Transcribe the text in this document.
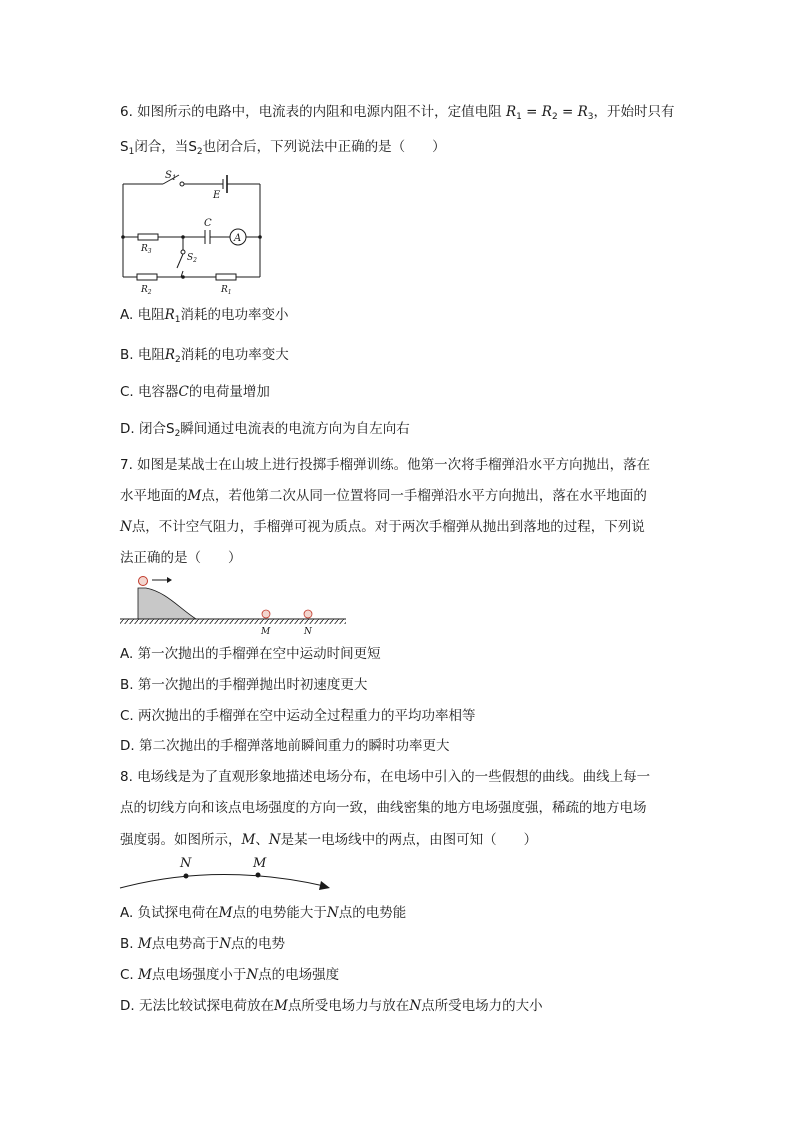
6. 如图所示的电路中，电流表的内阻和电源内阻不计，定值电阻 $R_1 = R_2 = R_3$，开始时只有
$S_1$闭合，当$S_2$也闭合后，下列说法中正确的是（　　）
$S_1$
E
C
A
$R_3$
$S_2$
$R_2$	$R_1$
A. 电阻$R_1$消耗的电功率变小
B. 电阻$R_2$消耗的电功率变大
C. 电容器C的电荷量增加
D. 闭合$S_2$瞬间通过电流表的电流方向为自左向右
7. 如图是某战士在山坡上进行投掷手榴弹训练。他第一次将手榴弹沿水平方向抛出，落在
水平地面的M点，若他第二次从同一位置将同一手榴弹沿水平方向抛出，落在水平地面的
N点，不计空气阻力，手榴弹可视为质点。对于两次手榴弹从抛出到落地的过程，下列说
法正确的是（　　）
M	N
A. 第一次抛出的手榴弹在空中运动时间更短
B. 第一次抛出的手榴弹抛出时初速度更大
C. 两次抛出的手榴弹在空中运动全过程重力的平均功率相等
D. 第二次抛出的手榴弹落地前瞬间重力的瞬时功率更大
8. 电场线是为了直观形象地描述电场分布，在电场中引入的一些假想的曲线。曲线上每一
点的切线方向和该点电场强度的方向一致，曲线密集的地方电场强度强，稀疏的地方电场
强度弱。如图所示，M、N是某一电场线中的两点，由图可知（　　）
N	M
A. 负试探电荷在M点的电势能大于N点的电势能
B. M点电势高于N点的电势
C. M点电场强度小于N点的电场强度
D. 无法比较试探电荷放在M点所受电场力与放在N点所受电场力的大小
